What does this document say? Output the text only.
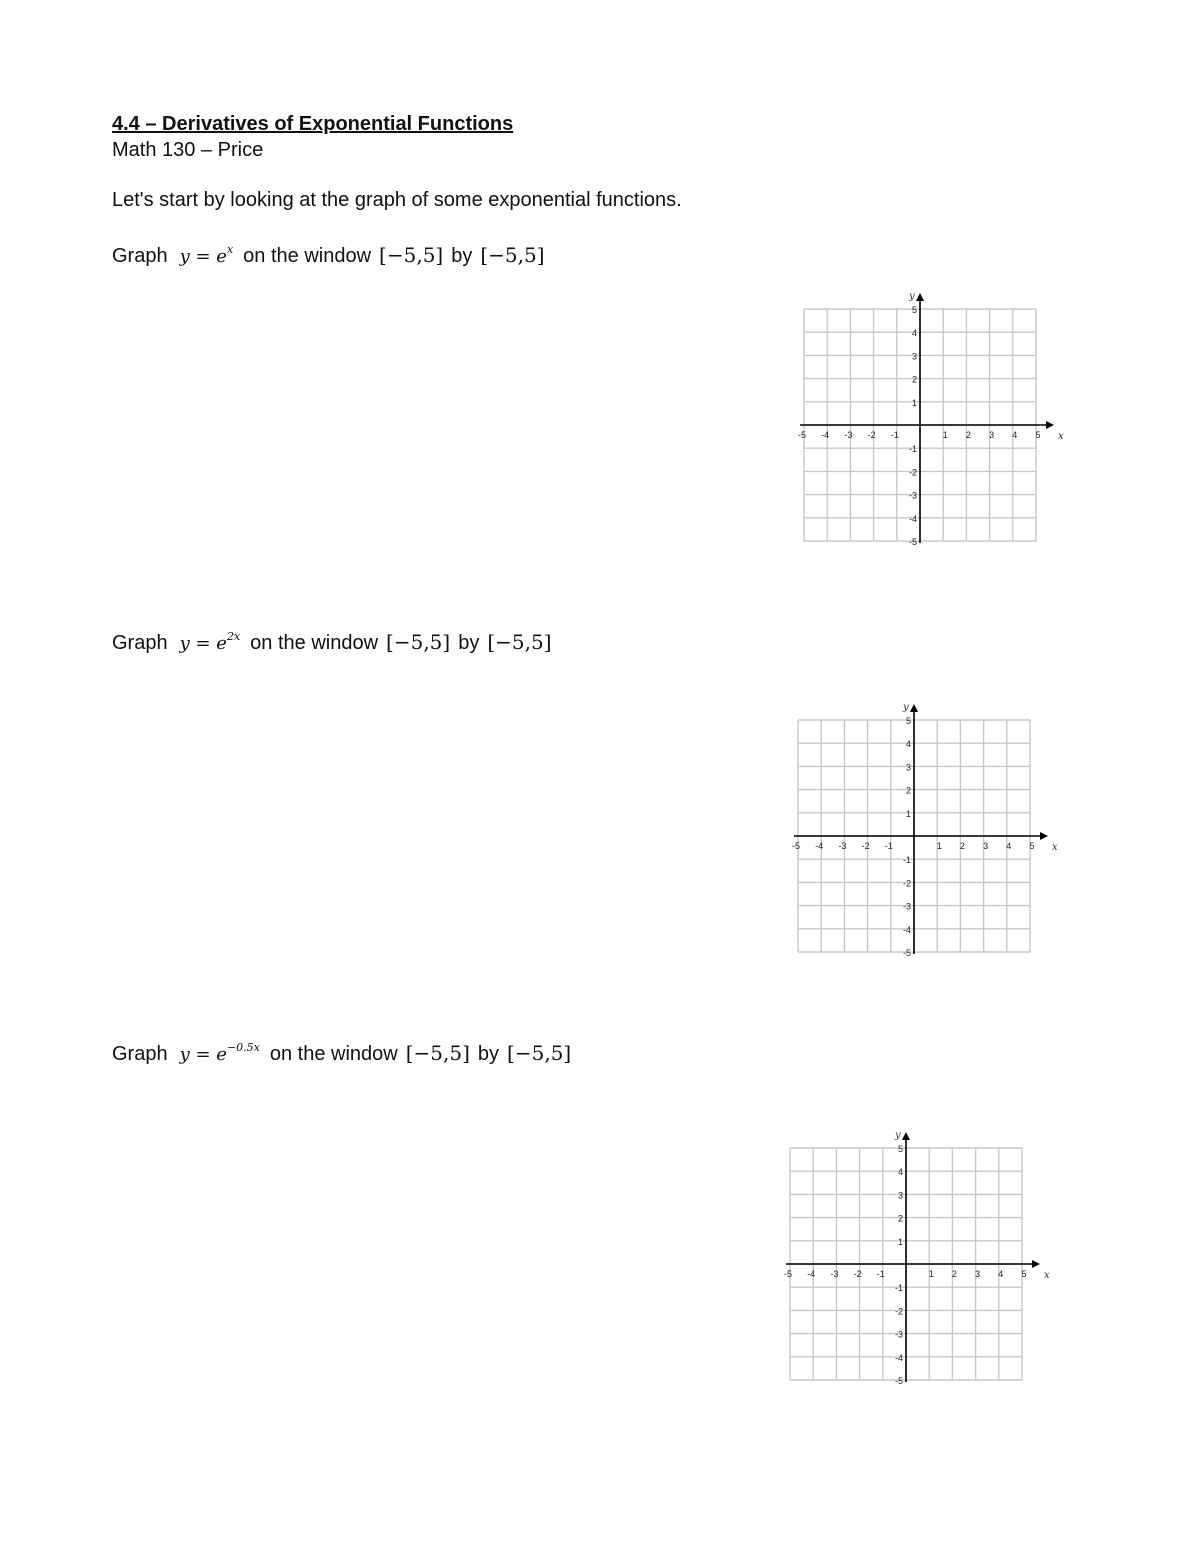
4.4 – Derivatives of Exponential Functions
Math 130 – Price
Let's start by looking at the graph of some exponential functions.
Graph $y = e^x$ on the window [−5,5] by [−5,5]
x
y
-5 -4 -3 -2 -1	1 2 3 4 5
5
4
3
2
1
-1
-2
-3
-4
-5
Graph $y = e^{2x}$ on the window [−5,5] by [−5,5]
x
y
-5 -4 -3 -2 -1	1 2 3 4 5
5
4
3
2
1
-1
-2
-3
-4
-5
Graph $y = e^{-0.5x}$ on the window [−5,5] by [−5,5]
x
y
-5 -4 -3 -2 -1	1 2 3 4 5
5
4
3
2
1
-1
-2
-3
-4
-5
